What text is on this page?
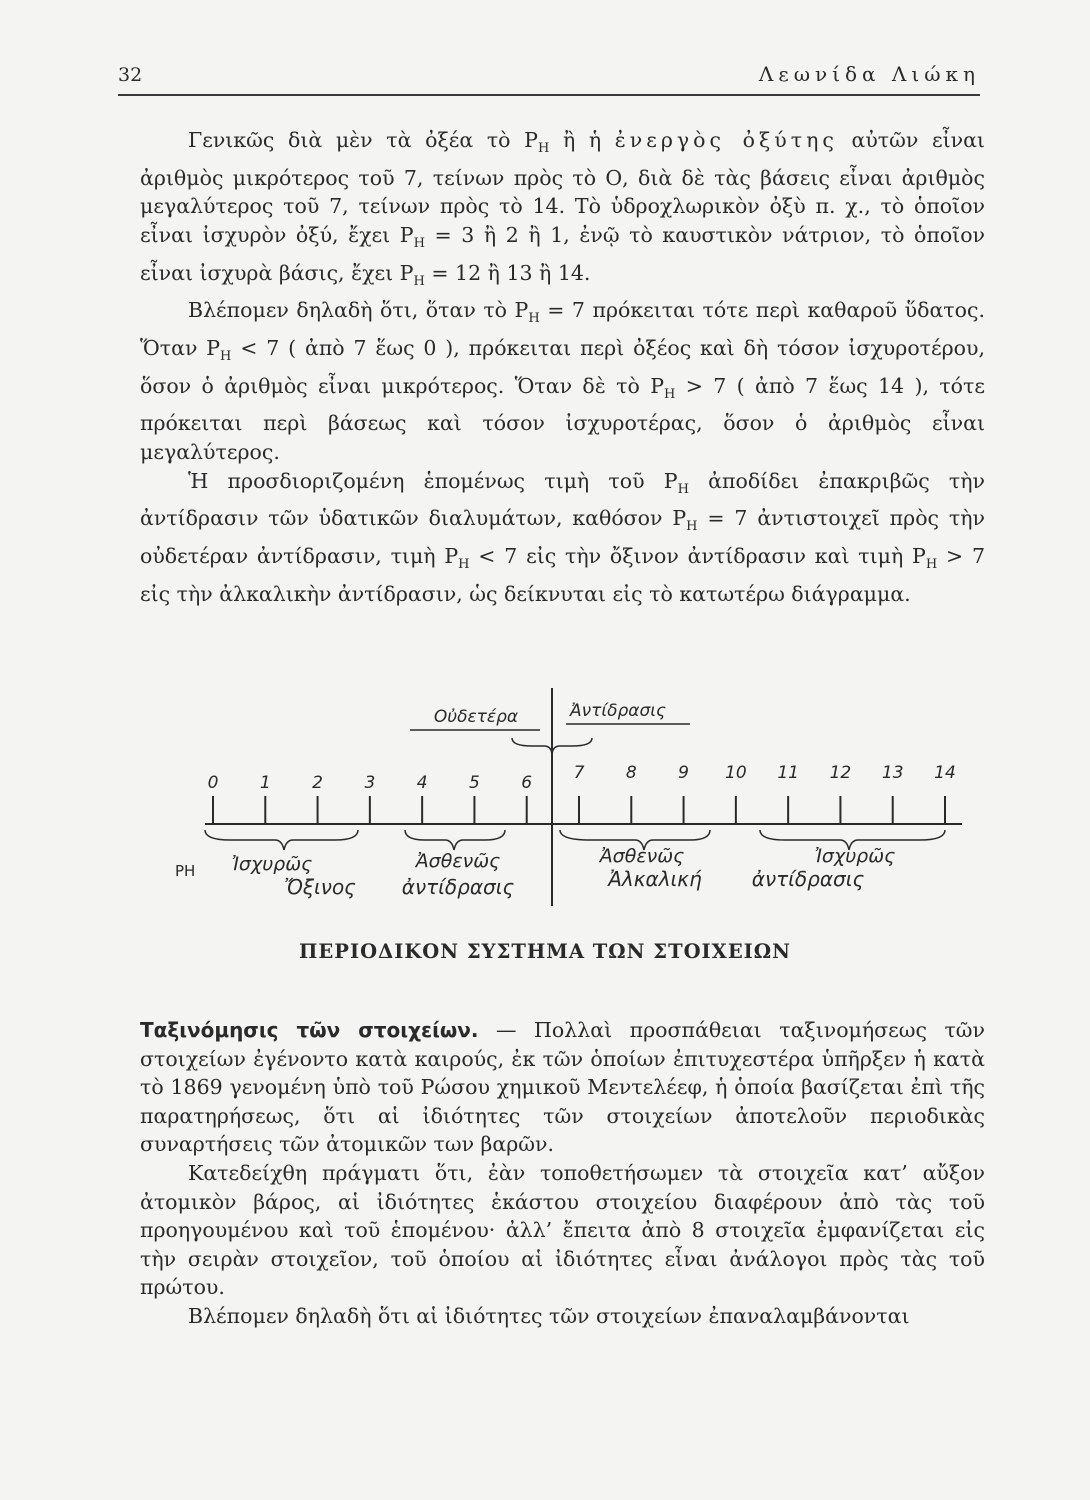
32	Λεωνίδα Λιώκη

Γενικῶς διὰ μὲν τὰ ὀξέα τὸ $P_H$ ἢ ἡ ἐνεργὸς ὀξύτης αὐτῶν εἶναι ἀριθμὸς μικρότερος τοῦ 7, τείνων πρὸς τὸ Ο, διὰ δὲ τὰς βάσεις εἶναι ἀριθμὸς μεγαλύτερος τοῦ 7, τείνων πρὸς τὸ 14. Τὸ ὑδροχλωρικὸν ὀξὺ π. χ., τὸ ὁποῖον εἶναι ἰσχυρὸν ὀξύ, ἔχει $P_H = 3$ ἢ 2 ἢ 1, ἐνῷ τὸ καυστικὸν νάτριον, τὸ ὁποῖον εἶναι ἰσχυρὰ βάσις, ἔχει $P_H = 12$ ἢ 13 ἢ 14.

Βλέπομεν δηλαδὴ ὅτι, ὅταν τὸ $P_H = 7$ πρόκειται τότε περὶ καθαροῦ ὕδατος. Ὅταν $P_H < 7$ ( ἀπὸ 7 ἕως 0 ), πρόκειται περὶ ὀξέος καὶ δὴ τόσον ἰσχυροτέρου, ὅσον ὁ ἀριθμὸς εἶναι μικρότερος. Ὅταν δὲ τὸ $P_H > 7$ ( ἀπὸ 7 ἕως 14 ), τότε πρόκειται περὶ βάσεως καὶ τόσον ἰσχυροτέρας, ὅσον ὁ ἀριθμὸς εἶναι μεγαλύτερος.

Ἡ προσδιοριζομένη ἑπομένως τιμὴ τοῦ $P_H$ ἀποδίδει ἐπακριβῶς τὴν ἀντίδρασιν τῶν ὑδατικῶν διαλυμάτων, καθόσον $P_H = 7$ ἀντιστοιχεῖ πρὸς τὴν οὐδετέραν ἀντίδρασιν, τιμὴ $P_H < 7$ εἰς τὴν ὄξινον ἀντίδρασιν καὶ τιμὴ $P_H > 7$ εἰς τὴν ἀλκαλικὴν ἀντίδρασιν, ὡς δείκνυται εἰς τὸ κατωτέρω διάγραμμα.

Οὐδετέρα	Ἀντίδρασις
0 1 2 3 4 5 6 7 8 9 10 11 12 13 14
PH Ἰσχυρῶς	Ἀσθενῶς
Ὄξινος ἀντίδρασις
Ἀσθενῶς	Ἰσχυρῶς
Ἀλκαλική ἀντίδρασις
ΠΕΡΙΟΔΙΚΟΝ ΣΥΣΤΗΜΑ ΤΩΝ ΣΤΟΙΧΕΙΩΝ

Ταξινόμησις τῶν στοιχείων. — Πολλαὶ προσπάθειαι ταξινομήσεως τῶν στοιχείων ἐγένοντο κατὰ καιρούς, ἐκ τῶν ὁποίων ἐπιτυχεστέρα ὑπῆρξεν ἡ κατὰ τὸ 1869 γενομένη ὑπὸ τοῦ Ρώσου χημικοῦ Μεντελέεφ, ἡ ὁποία βασίζεται ἐπὶ τῆς παρατηρήσεως, ὅτι αἱ ἰδιότητες τῶν στοιχείων ἀποτελοῦν περιοδικὰς συναρτήσεις τῶν ἀτομικῶν των βαρῶν.

Κατεδείχθη πράγματι ὅτι, ἐὰν τοποθετήσωμεν τὰ στοιχεῖα κατ’ αὔξον ἀτομικὸν βάρος, αἱ ἰδιότητες ἑκάστου στοιχείου διαφέρουν ἀπὸ τὰς τοῦ προηγουμένου καὶ τοῦ ἑπομένου· ἀλλ’ ἔπειτα ἀπὸ 8 στοιχεῖα ἐμφανίζεται εἰς τὴν σειρὰν στοιχεῖον, τοῦ ὁποίου αἱ ἰδιότητες εἶναι ἀνάλογοι πρὸς τὰς τοῦ πρώτου.

Βλέπομεν δηλαδὴ ὅτι αἱ ἰδιότητες τῶν στοιχείων ἐπαναλαμβάνονται
